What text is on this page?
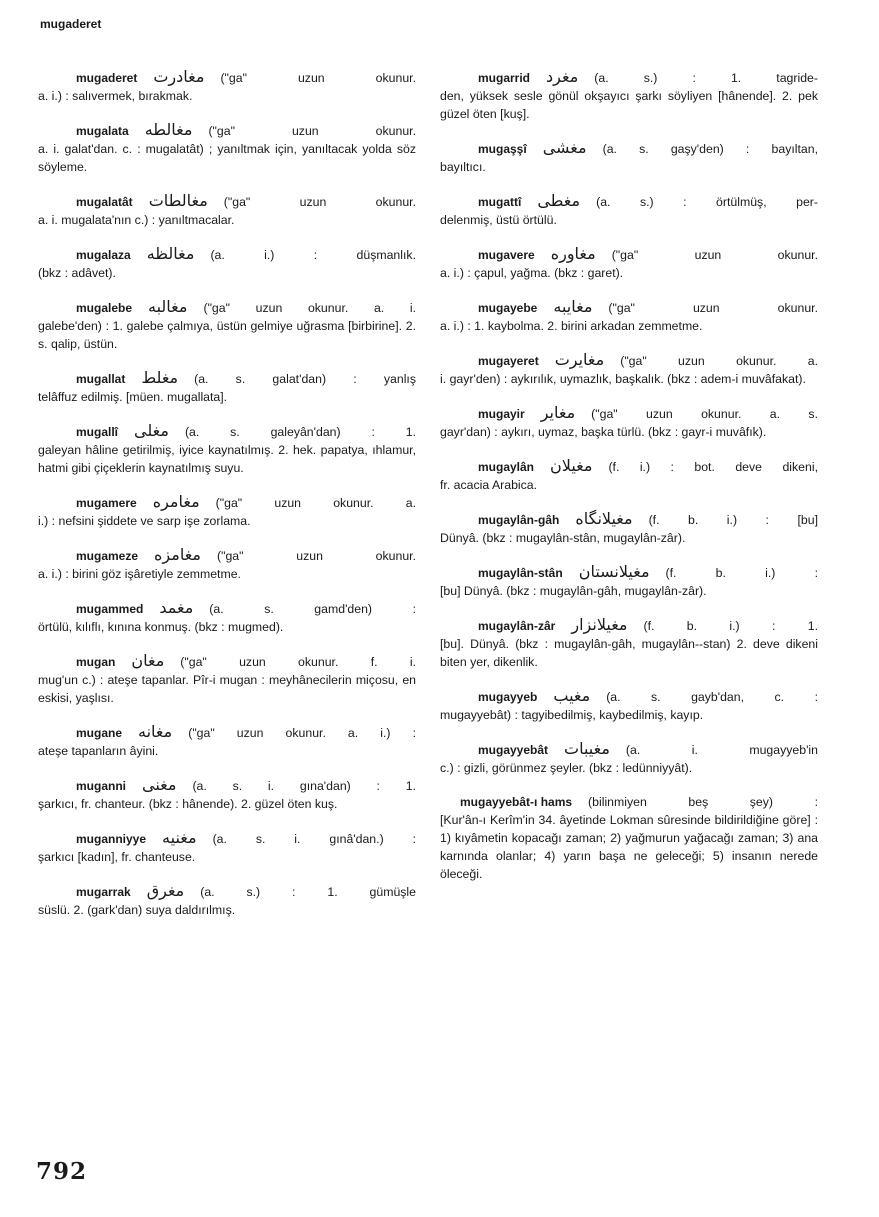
mugaderet
mugaderet مغادرت ("ga" uzun okunur.
a. i.) : salıvermek, bırakmak.
mugalata مغالطه ("ga" uzun okunur.
a. i. galat'dan. c. : mugalatât) ; yanıltmak için, yanıltacak yolda söz söyleme.
mugalatât مغالطات ("ga" uzun okunur.
a. i. mugalata'nın c.) : yanıltmacalar.
mugalaza مغالظه (a. i.) : düşmanlık.
(bkz : adâvet).
mugalebe مغالبه ("ga" uzun okunur. a. i.
galebe'den) : 1. galebe çalmıya, üstün gelmiye uğrasma [birbirine]. 2. s. qalip, üstün.
mugallat مغلط (a. s. galat'dan) : yanlış
telâffuz edilmiş. [müen. mugallata].
mugallî مغلى (a. s. galeyân'dan) : 1.
galeyan hâline getirilmiş, iyice kaynatılmış. 2. hek. papatya, ıhlamur, hatmi gibi çiçeklerin kaynatılmış suyu.
mugamere مغامره ("ga" uzun okunur. a.
i.) : nefsini şiddete ve sarp işe zorlama.
mugameze مغامزه ("ga" uzun okunur.
a. i.) : birini göz işâretiyle zemmetme.
mugammed مغمد (a. s. gamd'den) :
örtülü, kılıflı, kınına konmuş. (bkz : mugmed).
mugan مغان ("ga" uzun okunur. f. i.
mug'un c.) : ateşe tapanlar. Pîr-i mugan : meyhânecilerin miçosu, en eskisi, yaşlısı.
mugane مغانه ("ga" uzun okunur. a. i.) :
ateşe tapanların âyini.
muganni مغنى (a. s. i. gına'dan) : 1.
şarkıcı, fr. chanteur. (bkz : hânende). 2. güzel öten kuş.
muganniyye مغنيه (a. s. i. gınâ'dan.) :
şarkıcı [kadın], fr. chanteuse.
mugarrak مغرق (a. s.) : 1. gümüşle
süslü. 2. (gark'dan) suya daldırılmış.
mugarrid مغرد (a. s.) : 1. tagride-
den, yüksek sesle gönül okşayıcı şarkı söyliyen [hânende]. 2. pek güzel öten [kuş].
mugaşşî مغشى (a. s. gaşy'den) : bayıltan,
bayıltıcı.
mugattî مغطى (a. s.) : örtülmüş, per-
delenmiş, üstü örtülü.
mugavere مغاوره ("ga" uzun okunur.
a. i.) : çapul, yağma. (bkz : garet).
mugayebe مغايبه ("ga" uzun okunur.
a. i.) : 1. kaybolma. 2. birini arkadan zemmetme.
mugayeret مغايرت ("ga" uzun okunur. a.
i. gayr'den) : aykırılık, uymazlık, başkalık. (bkz : adem-i muvâfakat).
mugayir مغاير ("ga" uzun okunur. a. s.
gayr'dan) : aykırı, uymaz, başka türlü. (bkz : gayr-i muvâfık).
mugaylân مغيلان (f. i.) : bot. deve dikeni,
fr. acacia Arabica.
mugaylân-gâh مغيلانگاه (f. b. i.) : [bu]
Dünyâ. (bkz : mugaylân-stân, mugaylân-zâr).
mugaylân-stân مغيلانستان (f. b. i.) :
[bu] Dünyâ. (bkz : mugaylân-gâh, mugaylân-zâr).
mugaylân-zâr مغيلانزار (f. b. i.) : 1.
[bu]. Dünyâ. (bkz : mugaylân-gâh, mugaylân--stan) 2. deve dikeni biten yer, dikenlik.
mugayyeb مغيب (a. s. gayb'dan, c. :
mugayyebât) : tagyibedilmiş, kaybedilmiş, kayıp.
mugayyebât مغيبات (a. i. mugayyeb'in
c.) : gizli, görünmez şeyler. (bkz : ledünniyyât).
mugayyebât-ı hams (bilinmiyen beş şey) :
[Kur'ân-ı Kerîm'in 34. âyetinde Lokman sûresinde bildirildiğine göre] : 1) kıyâmetin kopacağı zaman; 2) yağmurun yağacağı zaman; 3) ana karnında olanlar; 4) yarın başa ne geleceği; 5) insanın nerede öleceği.
792
